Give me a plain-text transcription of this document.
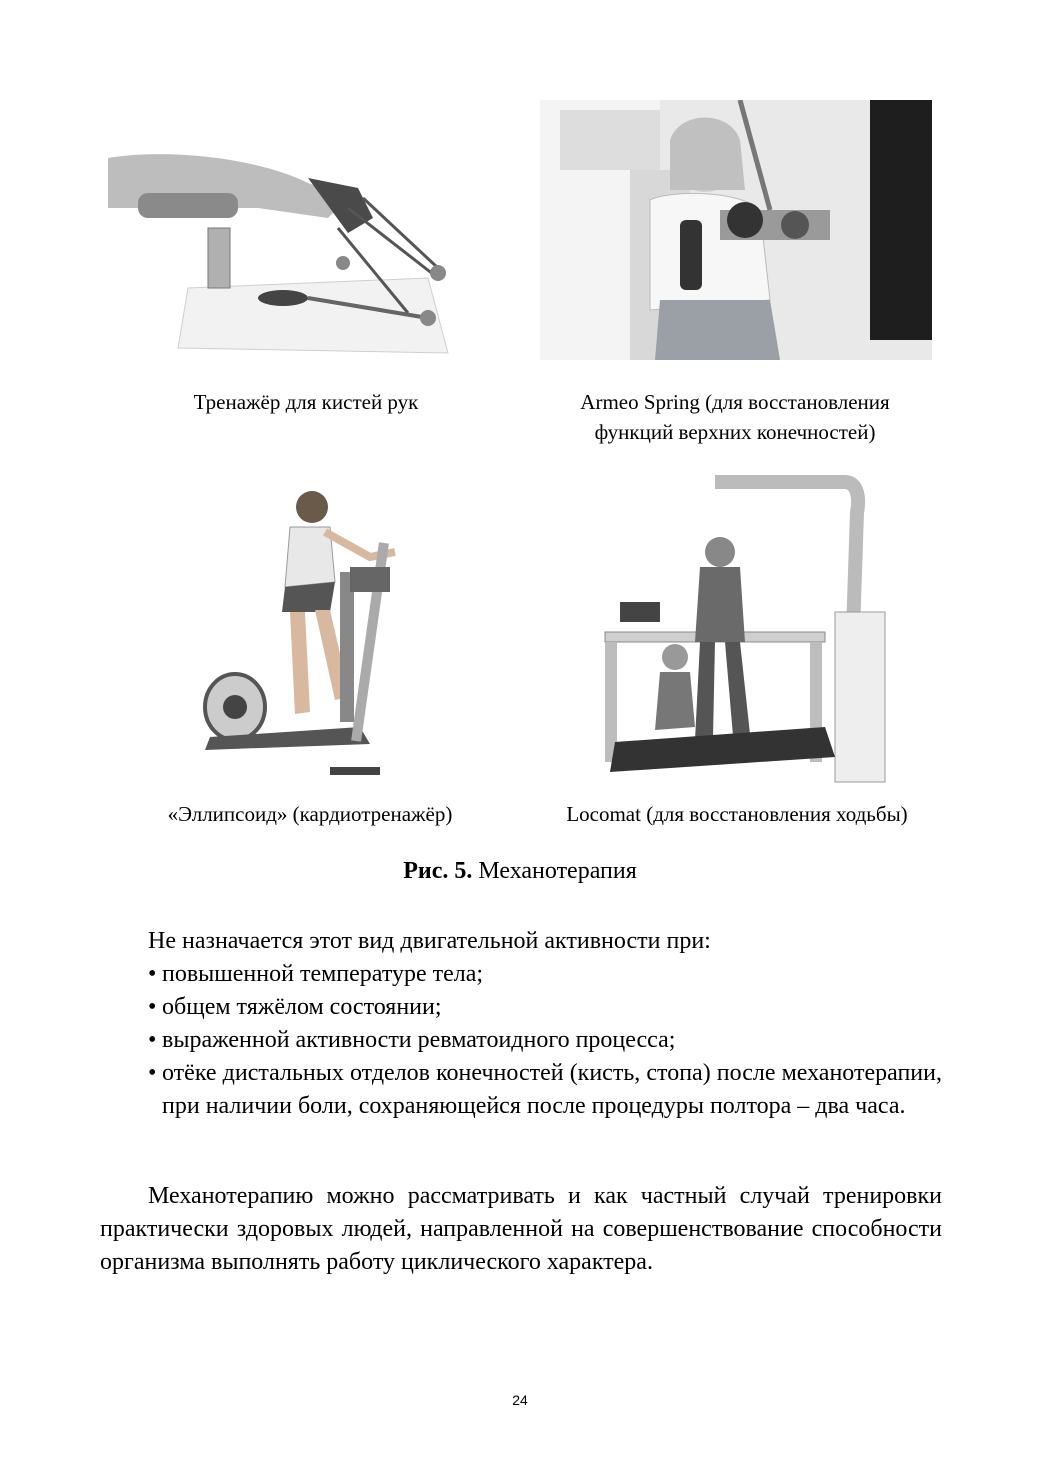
Тренажёр для кистей рук	Armeo Spring (для восстановления
функций верхних конечностей)
«Эллипсоид» (кардиотренажёр)	Locomat (для восстановления ходьбы)
Рис. 5. Механотерапия
Не назначается этот вид двигательной активности при:
• повышенной температуре тела;
• общем тяжёлом состоянии;
• выраженной активности ревматоидного процесса;
• отёке дистальных отделов конечностей (кисть, стопа) после механотерапии, при наличии боли, сохраняющейся после процедуры полтора – два часа.
Механотерапию можно рассматривать и как частный случай тренировки практически здоровых людей, направленной на совершенствование способности организма выполнять работу циклического характера.
24
